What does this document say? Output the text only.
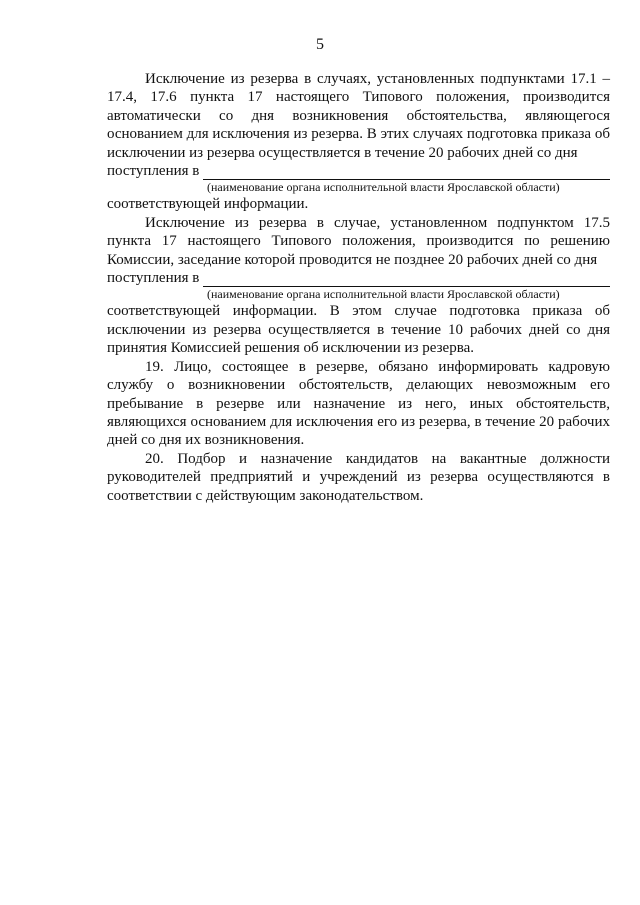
5

Исключение из резерва в случаях, установленных подпунктами 17.1 – 17.4, 17.6 пункта 17 настоящего Типового положения, производится автоматически со дня возникновения обстоятельства, являющегося основанием для исключения из резерва. В этих случаях подготовка приказа об исключении из резерва осуществляется в течение 20 рабочих дней со дня

поступления в

(наименование органа исполнительной власти Ярославской области)

соответствующей информации.

Исключение из резерва в случае, установленном подпунктом 17.5 пункта 17 настоящего Типового положения, производится по решению Комиссии, заседание которой проводится не позднее 20 рабочих дней со дня

поступления в

(наименование органа исполнительной власти Ярославской области)

соответствующей информации. В этом случае подготовка приказа об исключении из резерва осуществляется в течение 10 рабочих дней со дня принятия Комиссией решения об исключении из резерва.

19. Лицо, состоящее в резерве, обязано информировать кадровую службу о возникновении обстоятельств, делающих невозможным его пребывание в резерве или назначение из него, иных обстоятельств, являющихся основанием для исключения его из резерва, в течение 20 рабочих дней со дня их возникновения.

20. Подбор и назначение кандидатов на вакантные должности руководителей предприятий и учреждений из резерва осуществляются в соответствии с действующим законодательством.
